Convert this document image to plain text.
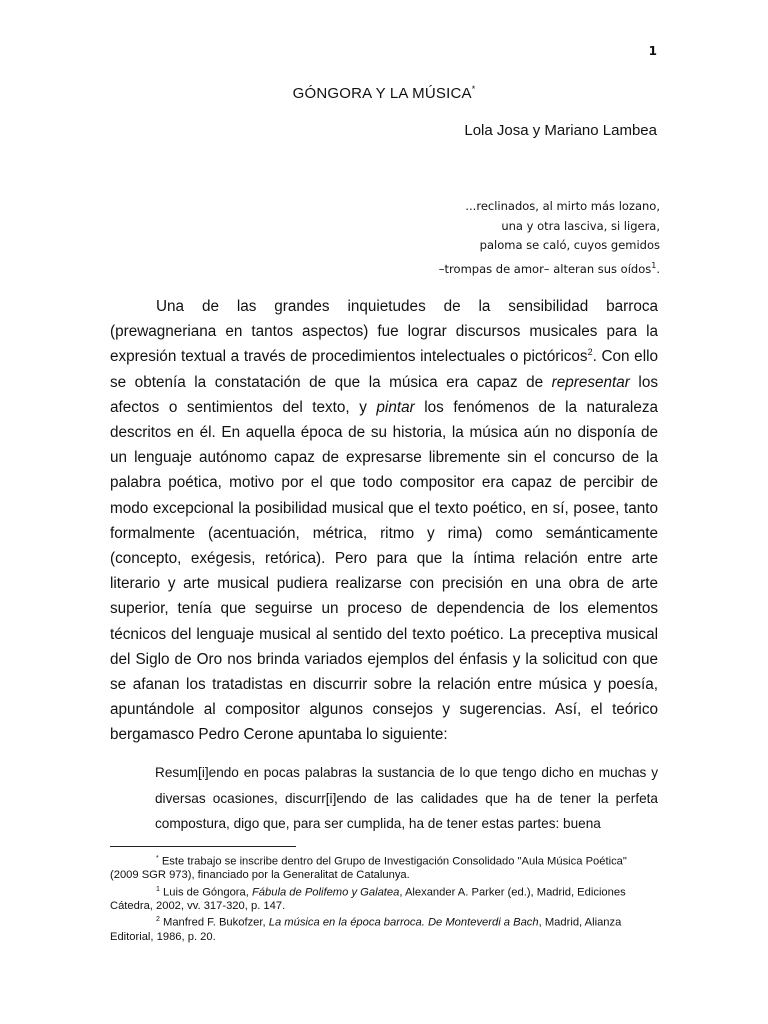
1
GÓNGORA Y LA MÚSICA*
Lola Josa y Mariano Lambea
...reclinados, al mirto más lozano,
una y otra lasciva, si ligera,
paloma se caló, cuyos gemidos
–trompas de amor– alteran sus oídos$^1$.

Una de las grandes inquietudes de la sensibilidad barroca (prewagneriana en tantos aspectos) fue lograr discursos musicales para la expresión textual a través de procedimientos intelectuales o pictóricos$^2$. Con ello se obtenía la constatación de que la música era capaz de representar los afectos o sentimientos del texto, y pintar los fenómenos de la naturaleza descritos en él. En aquella época de su historia, la música aún no disponía de un lenguaje autónomo capaz de expresarse libremente sin el concurso de la palabra poética, motivo por el que todo compositor era capaz de percibir de modo excepcional la posibilidad musical que el texto poético, en sí, posee, tanto formalmente (acentuación, métrica, ritmo y rima) como semánticamente (concepto, exégesis, retórica). Pero para que la íntima relación entre arte literario y arte musical pudiera realizarse con precisión en una obra de arte superior, tenía que seguirse un proceso de dependencia de los elementos técnicos del lenguaje musical al sentido del texto poético. La preceptiva musical del Siglo de Oro nos brinda variados ejemplos del énfasis y la solicitud con que se afanan los tratadistas en discurrir sobre la relación entre música y poesía, apuntándole al compositor algunos consejos y sugerencias. Así, el teórico bergamasco Pedro Cerone apuntaba lo siguiente:

Resum[i]endo en pocas palabras la sustancia de lo que tengo dicho en muchas y diversas ocasiones, discurr[i]endo de las calidades que ha de tener la perfeta compostura, digo que, para ser cumplida, ha de tener estas partes: buena

* Este trabajo se inscribe dentro del Grupo de Investigación Consolidado "Aula Música Poética" (2009 SGR 973), financiado por la Generalitat de Catalunya.

$^1$ Luis de Góngora, Fábula de Polifemo y Galatea, Alexander A. Parker (ed.), Madrid, Ediciones Cátedra, 2002, vv. 317-320, p. 147.

$^2$ Manfred F. Bukofzer, La música en la época barroca. De Monteverdi a Bach, Madrid, Alianza Editorial, 1986, p. 20.
